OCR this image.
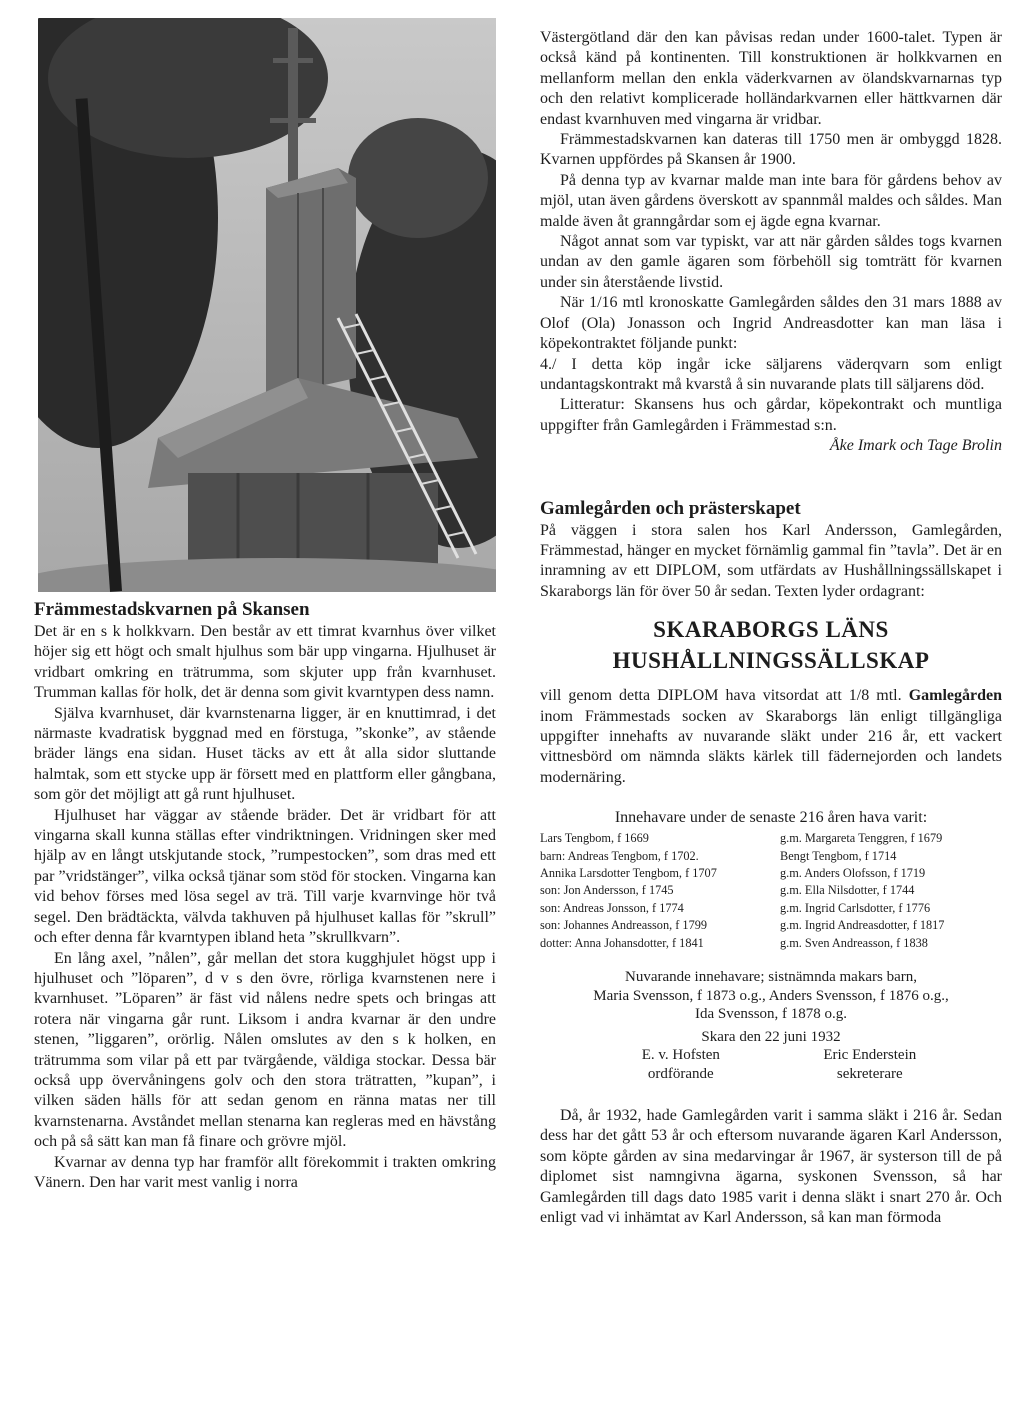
Främmestadskvarnen på Skansen

Det är en s k holkkvarn. Den består av ett timrat kvarnhus över vilket höjer sig ett högt och smalt hjulhus som bär upp vingarna. Hjulhuset är vridbart omkring en trätrumma, som skjuter upp från kvarnhuset. Trumman kallas för holk, det är denna som givit kvarntypen dess namn.

Själva kvarnhuset, där kvarnstenarna ligger, är en knuttimrad, i det närmaste kvadratisk byggnad med en förstuga, ”skonke”, av stående bräder längs ena sidan. Huset täcks av ett åt alla sidor sluttande halmtak, som ett stycke upp är försett med en plattform eller gångbana, som gör det möjligt att gå runt hjulhuset.

Hjulhuset har väggar av stående bräder. Det är vridbart för att vingarna skall kunna ställas efter vindriktningen. Vridningen sker med hjälp av en långt utskjutande stock, ”rumpestocken”, som dras med ett par ”vridstänger”, vilka också tjänar som stöd för stocken. Vingarna kan vid behov förses med lösa segel av trä. Till varje kvarnvinge hör två segel. Den brädtäckta, välvda takhuven på hjulhuset kallas för ”skrull” och efter denna får kvarntypen ibland heta ”skrullkvarn”.

En lång axel, ”nålen”, går mellan det stora kugghjulet högst upp i hjulhuset och ”löparen”, d v s den övre, rörliga kvarnstenen nere i kvarnhuset. ”Löparen” är fäst vid nålens nedre spets och bringas att rotera när vingarna går runt. Liksom i andra kvarnar är den undre stenen, ”liggaren”, orörlig. Nålen omslutes av den s k holken, en trätrumma som vilar på ett par tvärgående, väldiga stockar. Dessa bär också upp övervåningens golv och den stora trätratten, ”kupan”, i vilken säden hälls för att sedan genom en ränna matas ner till kvarnstenarna. Avståndet mellan stenarna kan regleras med en hävstång och på så sätt kan man få finare och grövre mjöl.

Kvarnar av denna typ har framför allt förekommit i trakten omkring Vänern. Den har varit mest vanlig i norra

Västergötland där den kan påvisas redan under 1600-talet. Typen är också känd på kontinenten. Till konstruktionen är holkkvarnen en mellanform mellan den enkla väderkvarnen av ölandskvarnarnas typ och den relativt komplicerade holländarkvarnen eller hättkvarnen där endast kvarnhuven med vingarna är vridbar.

Främmestadskvarnen kan dateras till 1750 men är ombyggd 1828. Kvarnen uppfördes på Skansen år 1900.

På denna typ av kvarnar malde man inte bara för gårdens behov av mjöl, utan även gårdens överskott av spannmål maldes och såldes. Man malde även åt granngårdar som ej ägde egna kvarnar.

Något annat som var typiskt, var att när gården såldes togs kvarnen undan av den gamle ägaren som förbehöll sig tomträtt för kvarnen under sin återstående livstid.

När 1/16 mtl kronoskatte Gamlegården såldes den 31 mars 1888 av Olof (Ola) Jonasson och Ingrid Andreasdotter kan man läsa i köpekontraktet följande punkt:

4./ I detta köp ingår icke säljarens väderqvarn som enligt undantagskontrakt må kvarstå å sin nuvarande plats till säljarens död.

Litteratur: Skansens hus och gårdar, köpekontrakt och muntliga uppgifter från Gamlegården i Främmestad s:n.

Åke Imark och Tage Brolin

Gamlegården och prästerskapet

På väggen i stora salen hos Karl Andersson, Gamlegården, Främmestad, hänger en mycket förnämlig gammal fin ”tavla”. Det är en inramning av ett DIPLOM, som utfärdats av Hushållningssällskapet i Skaraborgs län för över 50 år sedan. Texten lyder ordagrant:

SKARABORGS LÄNS
HUSHÅLLNINGSSÄLLSKAP

vill genom detta DIPLOM hava vitsordat att 1/8 mtl. Gamlegården inom Främmestads socken av Skaraborgs län enligt tillgängliga uppgifter innehafts av nuvarande släkt under 216 år, ett vackert vittnesbörd om nämnda släkts kärlek till fädernejorden och landets modernäring.

Innehavare under de senaste 216 åren hava varit:
Lars Tengbom, f 1669	g.m. Margareta Tenggren, f 1679
barn: Andreas Tengbom, f 1702.	Bengt Tengbom, f 1714
Annika Larsdotter Tengbom, f 1707	g.m. Anders Olofsson, f 1719
son: Jon Andersson, f 1745	g.m. Ella Nilsdotter, f 1744
son: Andreas Jonsson, f 1774	g.m. Ingrid Carlsdotter, f 1776
son: Johannes Andreasson, f 1799	g.m. Ingrid Andreasdotter, f 1817
dotter: Anna Johansdotter, f 1841	g.m. Sven Andreasson, f 1838
Nuvarande innehavare; sistnämnda makars barn,
Maria Svensson, f 1873 o.g., Anders Svensson, f 1876 o.g.,
Ida Svensson, f 1878 o.g.
Skara den 22 juni 1932
E. v. Hofsten
ordförande
Eric Enderstein
sekreterare

Då, år 1932, hade Gamlegården varit i samma släkt i 216 år. Sedan dess har det gått 53 år och eftersom nuvarande ägaren Karl Andersson, som köpte gården av sina medarvingar år 1967, är systerson till de på diplomet sist namngivna ägarna, syskonen Svensson, så har Gamlegården till dags dato 1985 varit i denna släkt i snart 270 år. Och enligt vad vi inhämtat av Karl Andersson, så kan man förmoda
